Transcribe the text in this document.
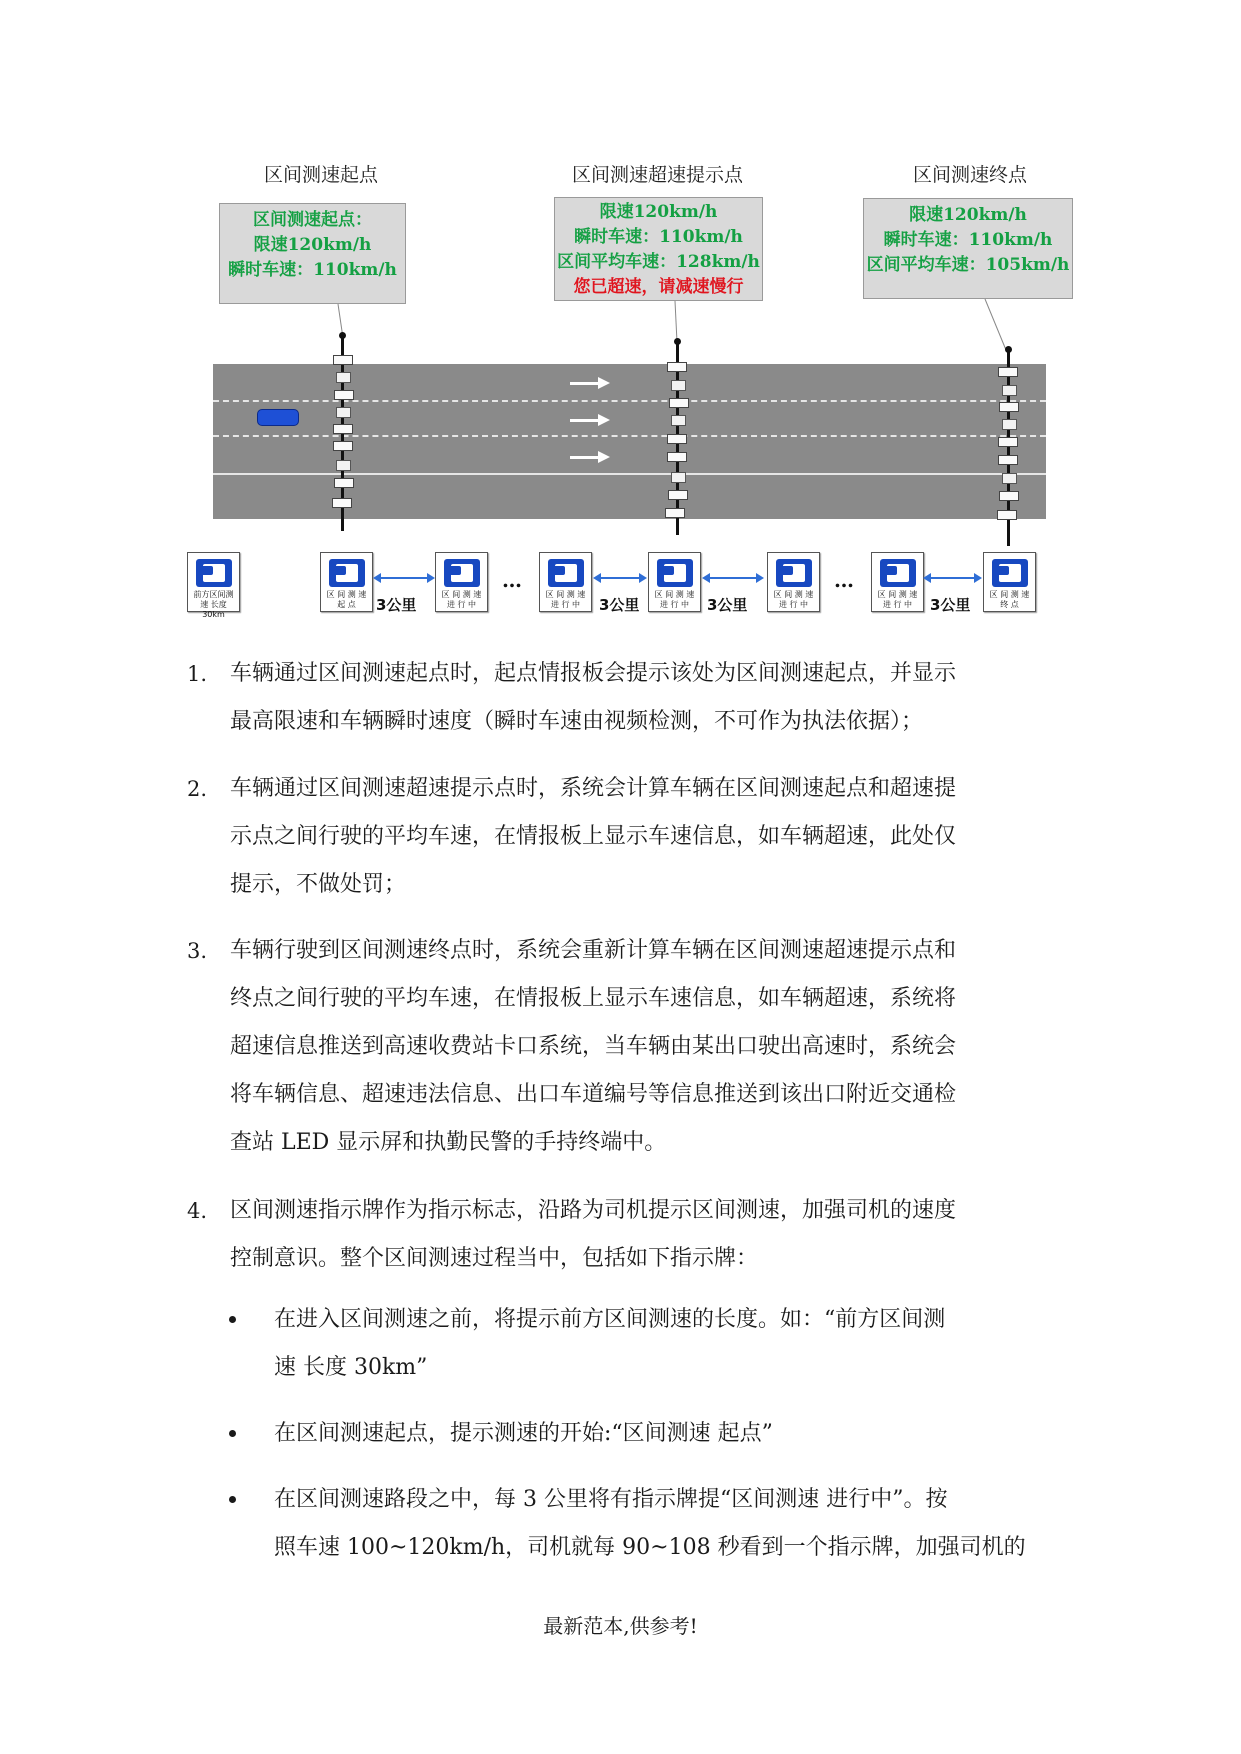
区间测速起点	区间测速超速提示点	区间测速终点
区间测速起点：
限速120km/h
瞬时车速：110km/h
限速120km/h
瞬时车速：110km/h
区间平均车速：128km/h
您已超速，请减速慢行
限速120km/h
瞬时车速：110km/h
区间平均车速：105km/h
前方区间测速 长度30km
区 间 测 速 起 点
区 间 测 速 进 行 中
区 间 测 速 进 行 中
区 间 测 速 进 行 中
区 间 测 速 进 行 中
区 间 测 速 进 行 中
区 间 测 速 终 点
3公里	3公里	3公里	3公里
…	…
1. 车辆通过区间测速起点时，起点情报板会提示该处为区间测速起点，并显示
最高限速和车辆瞬时速度（瞬时车速由视频检测，不可作为执法依据）；
2. 车辆通过区间测速超速提示点时，系统会计算车辆在区间测速起点和超速提
示点之间行驶的平均车速，在情报板上显示车速信息，如车辆超速，此处仅
提示，不做处罚；
3. 车辆行驶到区间测速终点时，系统会重新计算车辆在区间测速超速提示点和
终点之间行驶的平均车速，在情报板上显示车速信息，如车辆超速，系统将
超速信息推送到高速收费站卡口系统，当车辆由某出口驶出高速时，系统会
将车辆信息、超速违法信息、出口车道编号等信息推送到该出口附近交通检
查站 LED 显示屏和执勤民警的手持终端中。
4. 区间测速指示牌作为指示标志，沿路为司机提示区间测速，加强司机的速度
控制意识。整个区间测速过程当中，包括如下指示牌：
在进入区间测速之前，将提示前方区间测速的长度。如：“前方区间测
速 长度 30km”
在区间测速起点，提示测速的开始:“区间测速 起点”
在区间测速路段之中，每 3 公里将有指示牌提“区间测速 进行中”。按
照车速 100~120km/h，司机就每 90~108 秒看到一个指示牌，加强司机的
最新范本,供参考!
